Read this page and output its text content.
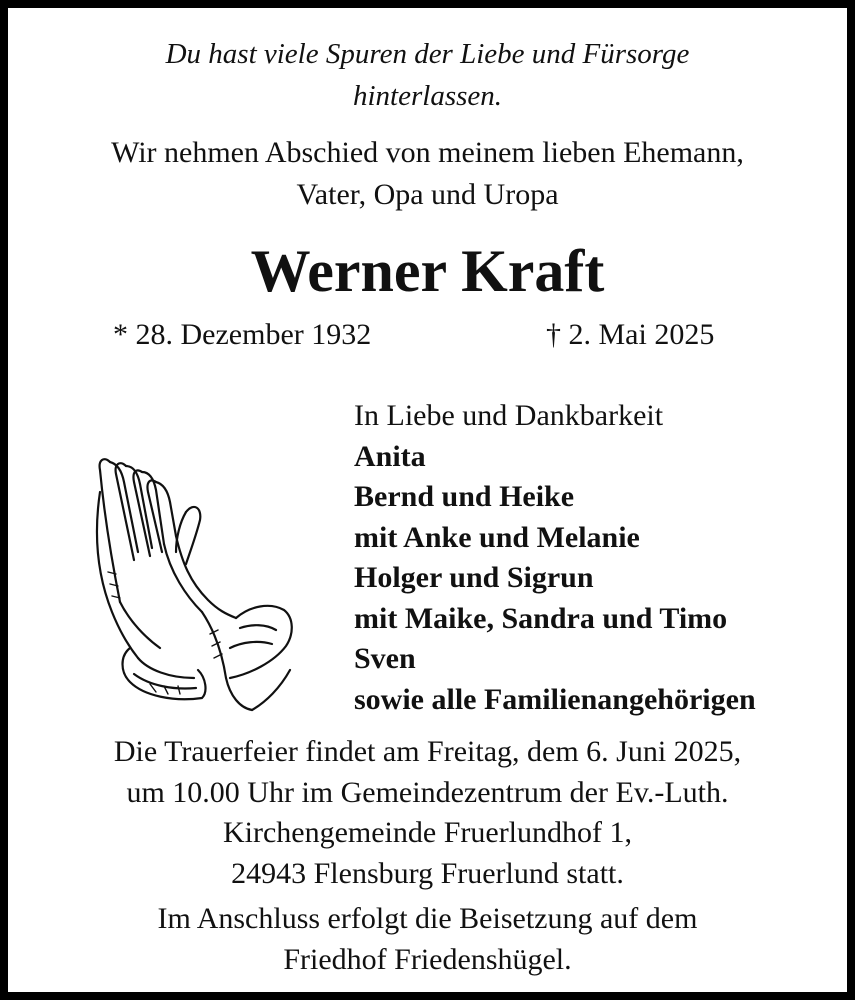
Du hast viele Spuren der Liebe und Fürsorge
hinterlassen.
Wir nehmen Abschied von meinem lieben Ehemann,
Vater, Opa und Uropa
Werner Kraft
* 28. Dezember 1932	† 2. Mai 2025
In Liebe und Dankbarkeit
Anita
Bernd und Heike
mit Anke und Melanie
Holger und Sigrun
mit Maike, Sandra und Timo
Sven
sowie alle Familienangehörigen
Die Trauerfeier findet am Freitag, dem 6. Juni 2025,
um 10.00 Uhr im Gemeindezentrum der Ev.-Luth.
Kirchengemeinde Fruerlundhof 1,
24943 Flensburg Fruerlund statt.
Im Anschluss erfolgt die Beisetzung auf dem
Friedhof Friedenshügel.
